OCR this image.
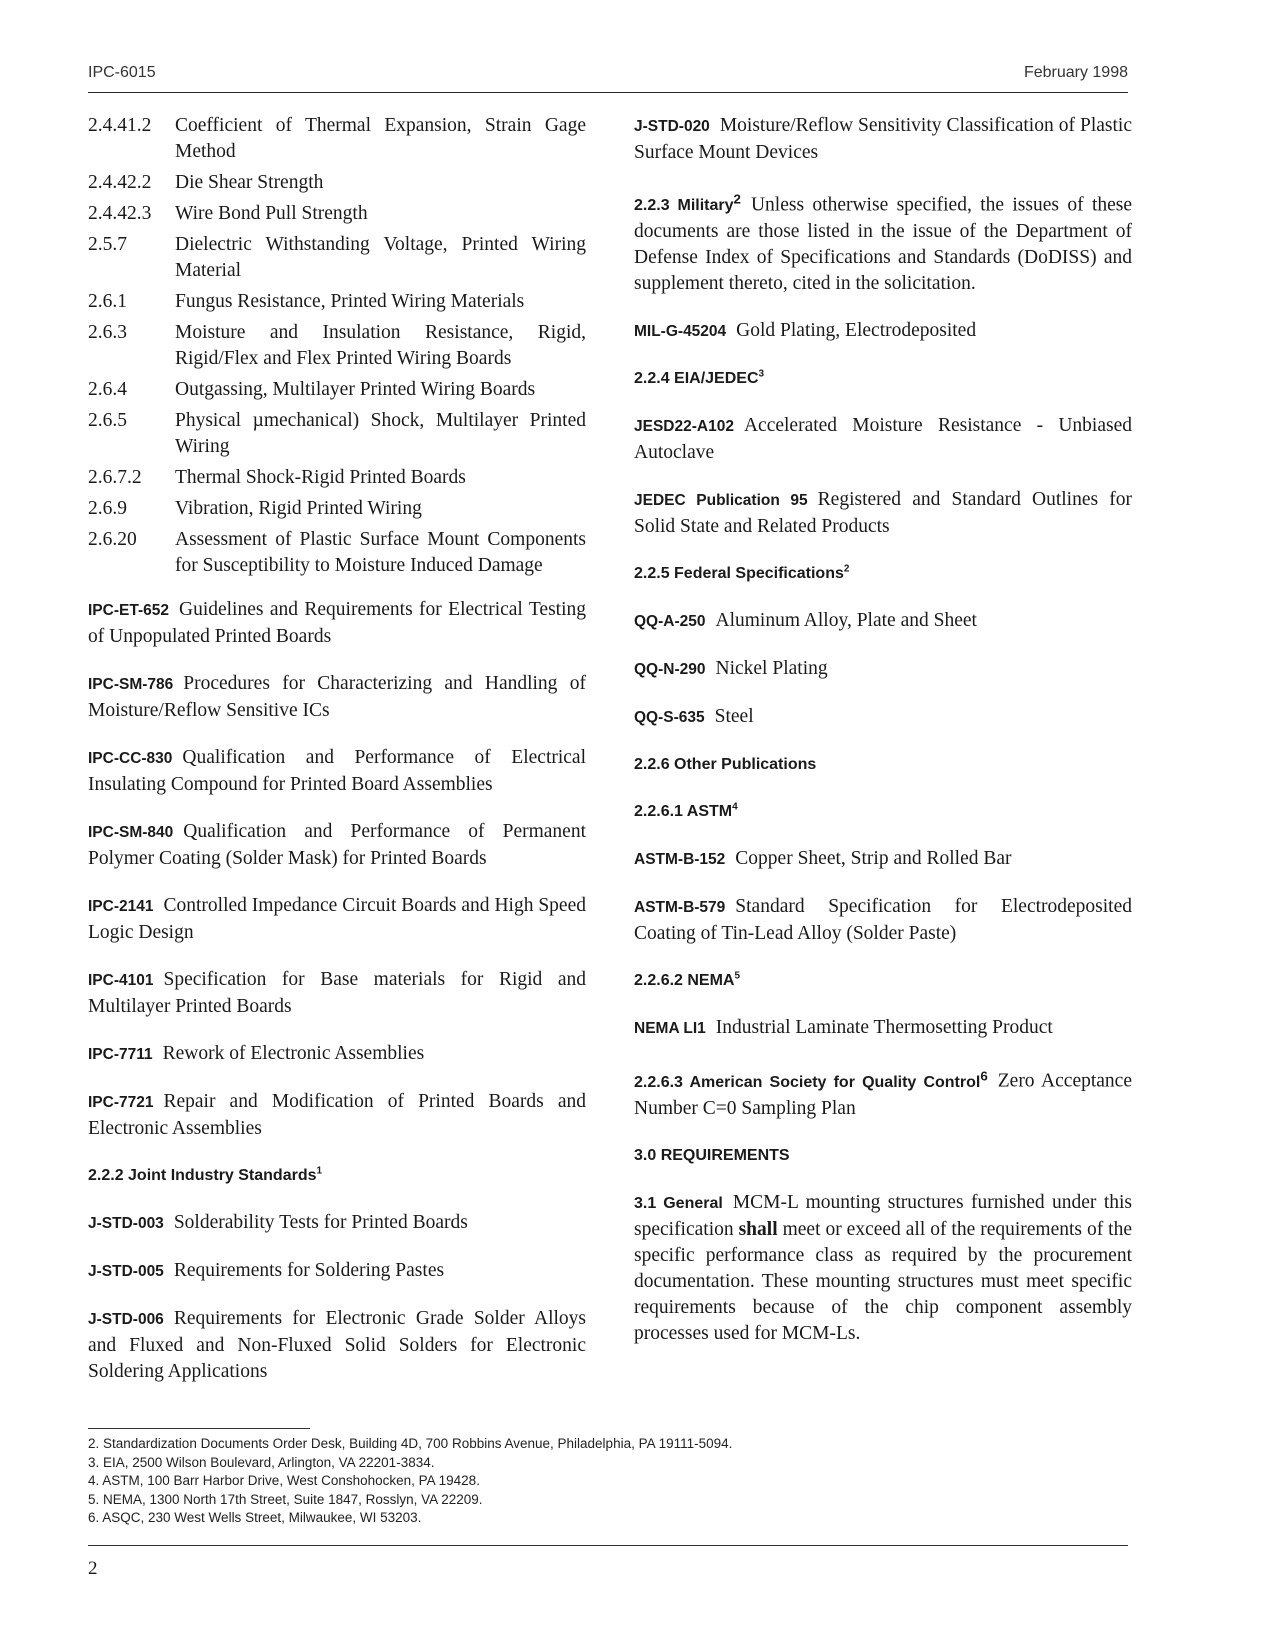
IPC-6015	February 1998
2.4.41.2	Coefficient of Thermal Expansion, Strain Gage Method
2.4.42.2	Die Shear Strength
2.4.42.3	Wire Bond Pull Strength
2.5.7	Dielectric Withstanding Voltage, Printed Wiring Material
2.6.1	Fungus Resistance, Printed Wiring Materials
2.6.3	Moisture and Insulation Resistance, Rigid, Rigid/Flex and Flex Printed Wiring Boards
2.6.4	Outgassing, Multilayer Printed Wiring Boards
2.6.5	Physical µmechanical) Shock, Multilayer Printed Wiring
2.6.7.2	Thermal Shock-Rigid Printed Boards
2.6.9	Vibration, Rigid Printed Wiring
2.6.20	Assessment of Plastic Surface Mount Components for Susceptibility to Moisture Induced Damage

IPC-ET-652 Guidelines and Requirements for Electrical Testing of Unpopulated Printed Boards

IPC-SM-786 Procedures for Characterizing and Handling of Moisture/Reflow Sensitive ICs

IPC-CC-830 Qualification and Performance of Electrical Insulating Compound for Printed Board Assemblies

IPC-SM-840 Qualification and Performance of Permanent Polymer Coating (Solder Mask) for Printed Boards

IPC-2141 Controlled Impedance Circuit Boards and High Speed Logic Design

IPC-4101 Specification for Base materials for Rigid and Multilayer Printed Boards

IPC-7711 Rework of Electronic Assemblies

IPC-7721 Repair and Modification of Printed Boards and Electronic Assemblies

2.2.2 Joint Industry Standards$^1$

J-STD-003 Solderability Tests for Printed Boards

J-STD-005 Requirements for Soldering Pastes

J-STD-006 Requirements for Electronic Grade Solder Alloys and Fluxed and Non-Fluxed Solid Solders for Electronic Soldering Applications

J-STD-020 Moisture/Reflow Sensitivity Classification of Plastic Surface Mount Devices

2.2.3 Military$^2$ Unless otherwise specified, the issues of these documents are those listed in the issue of the Department of Defense Index of Specifications and Standards (DoDISS) and supplement thereto, cited in the solicitation.

MIL-G-45204 Gold Plating, Electrodeposited

2.2.4 EIA/JEDEC$^3$

JESD22-A102 Accelerated Moisture Resistance - Unbiased Autoclave

JEDEC Publication 95 Registered and Standard Outlines for Solid State and Related Products

2.2.5 Federal Specifications$^2$

QQ-A-250 Aluminum Alloy, Plate and Sheet

QQ-N-290 Nickel Plating

QQ-S-635 Steel

2.2.6 Other Publications
2.2.6.1 ASTM$^4$

ASTM-B-152 Copper Sheet, Strip and Rolled Bar

ASTM-B-579 Standard Specification for Electrodeposited Coating of Tin-Lead Alloy (Solder Paste)

2.2.6.2 NEMA$^5$

NEMA LI1 Industrial Laminate Thermosetting Product

2.2.6.3 American Society for Quality Control$^6$ Zero Acceptance Number C=0 Sampling Plan

3.0 REQUIREMENTS

3.1 General MCM-L mounting structures furnished under this specification shall meet or exceed all of the requirements of the specific performance class as required by the procurement documentation. These mounting structures must meet specific requirements because of the chip component assembly processes used for MCM-Ls.

2. Standardization Documents Order Desk, Building 4D, 700 Robbins Avenue, Philadelphia, PA 19111-5094.
3. EIA, 2500 Wilson Boulevard, Arlington, VA 22201-3834.
4. ASTM, 100 Barr Harbor Drive, West Conshohocken, PA 19428.
5. NEMA, 1300 North 17th Street, Suite 1847, Rosslyn, VA 22209.
6. ASQC, 230 West Wells Street, Milwaukee, WI 53203.
2
